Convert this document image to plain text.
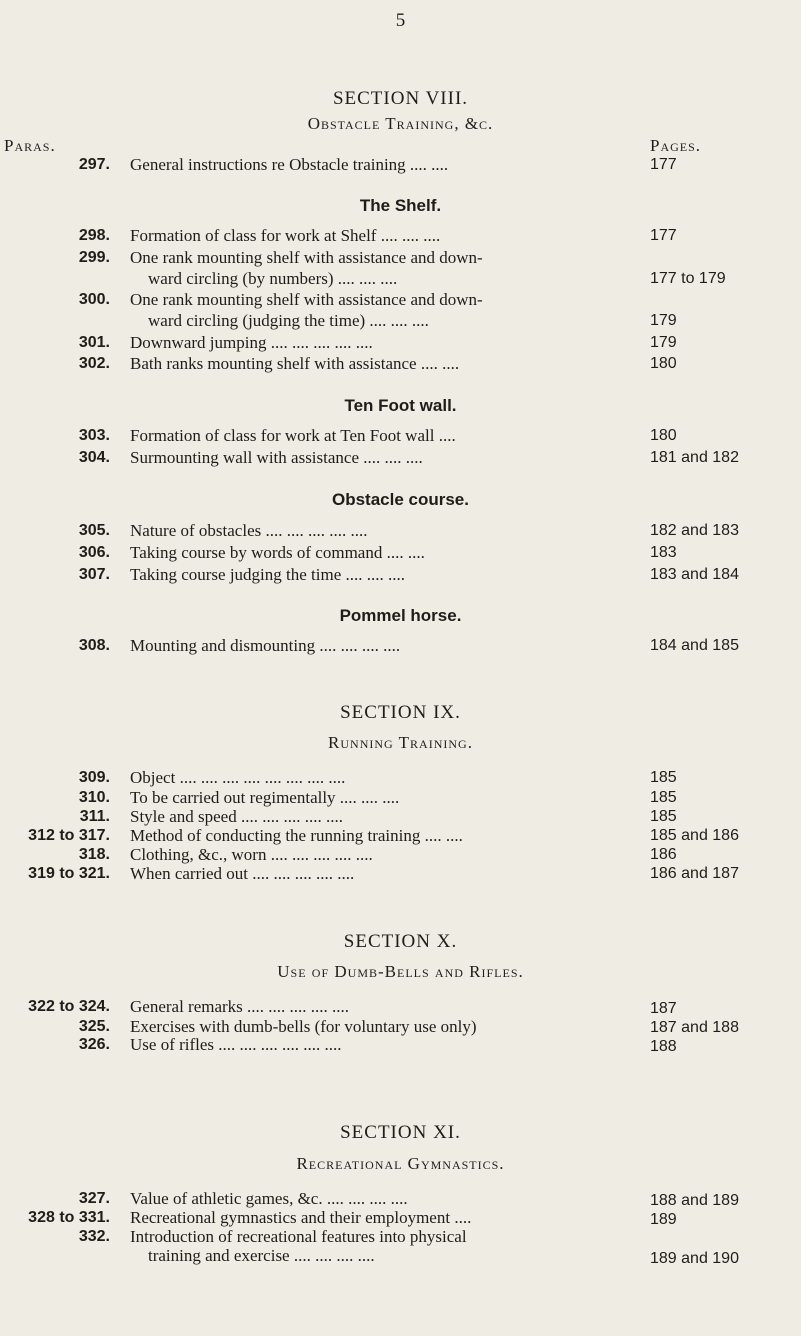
5
SECTION VIII.
Obstacle Training, &c.
Paras.	Pages.
297. General instructions re Obstacle training .... ....	177
The Shelf.
298. Formation of class for work at Shelf .... .... ....	177
299. One rank mounting shelf with assistance and down-
ward circling (by numbers) .... .... ....	177 to 179
300. One rank mounting shelf with assistance and down-
ward circling (judging the time) .... .... ....	179
301. Downward jumping .... .... .... .... ....	179
302. Bath ranks mounting shelf with assistance .... ....	180
Ten Foot wall.
303. Formation of class for work at Ten Foot wall ....	180
304. Surmounting wall with assistance .... .... ....	181 and 182
Obstacle course.
305. Nature of obstacles .... .... .... .... ....	182 and 183
306. Taking course by words of command .... ....	183
307. Taking course judging the time .... .... ....	183 and 184
Pommel horse.
308. Mounting and dismounting .... .... .... ....	184 and 185
SECTION IX.
Running Training.
309. Object .... .... .... .... .... .... .... ....	185
310. To be carried out regimentally .... .... ....	185
311. Style and speed .... .... .... .... ....	185
312 to 317. Method of conducting the running training .... ....	185 and 186
318. Clothing, &c., worn .... .... .... .... ....	186
319 to 321. When carried out .... .... .... .... ....	186 and 187
SECTION X.
Use of Dumb-Bells and Rifles.
322 to 324. General remarks .... .... .... .... ....	187
325. Exercises with dumb-bells (for voluntary use only)	187 and 188
326. Use of rifles .... .... .... .... .... ....	188
SECTION XI.
Recreational Gymnastics.
327. Value of athletic games, &c. .... .... .... ....	188 and 189
328 to 331. Recreational gymnastics and their employment ....	189
332. Introduction of recreational features into physical
training and exercise .... .... .... ....	189 and 190
